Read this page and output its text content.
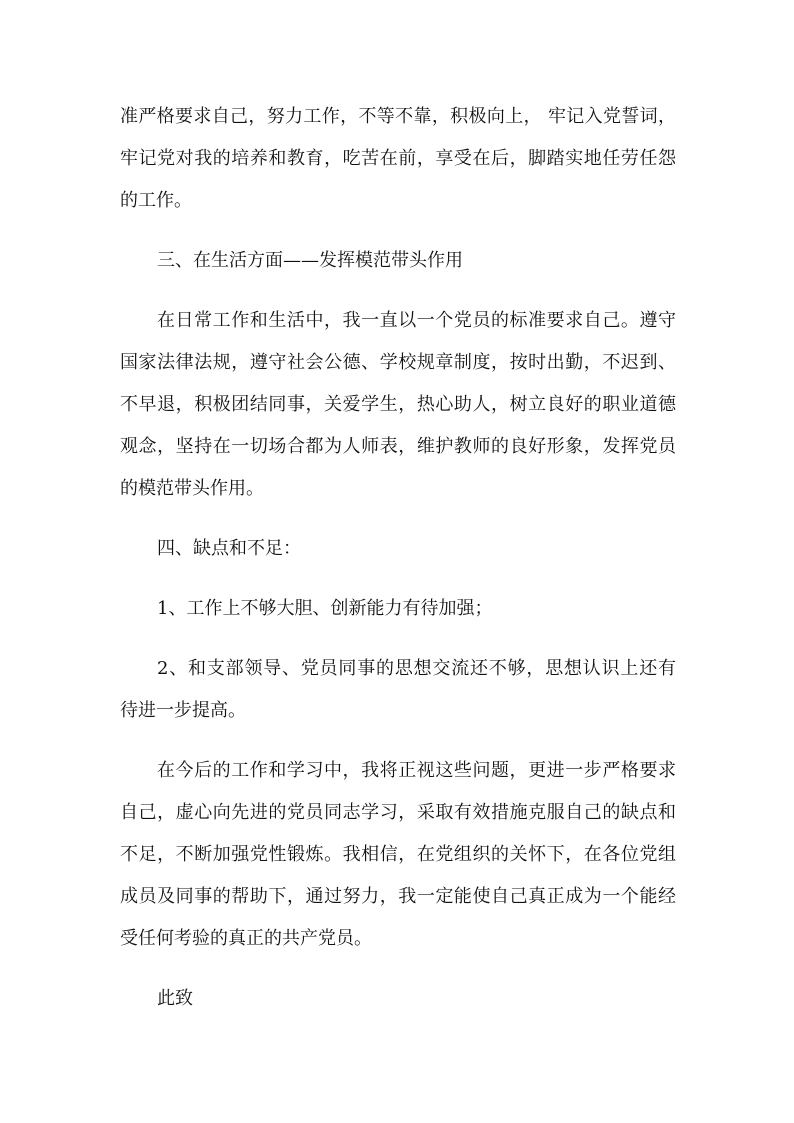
准严格要求自己，努力工作，不等不靠，积极向上， 牢记入党誓词，
牢记党对我的培养和教育，吃苦在前，享受在后，脚踏实地任劳任怨
的工作。
三、在生活方面——发挥模范带头作用
在日常工作和生活中，我一直以一个党员的标准要求自己。遵守
国家法律法规，遵守社会公德、学校规章制度，按时出勤，不迟到、
不早退，积极团结同事，关爱学生，热心助人，树立良好的职业道德
观念，坚持在一切场合都为人师表，维护教师的良好形象，发挥党员
的模范带头作用。
四、缺点和不足：
1、工作上不够大胆、创新能力有待加强；
2、和支部领导、党员同事的思想交流还不够，思想认识上还有
待进一步提高。
在今后的工作和学习中，我将正视这些问题，更进一步严格要求
自己，虚心向先进的党员同志学习，采取有效措施克服自己的缺点和
不足，不断加强党性锻炼。我相信，在党组织的关怀下，在各位党组
成员及同事的帮助下，通过努力，我一定能使自己真正成为一个能经
受任何考验的真正的共产党员。
此致
